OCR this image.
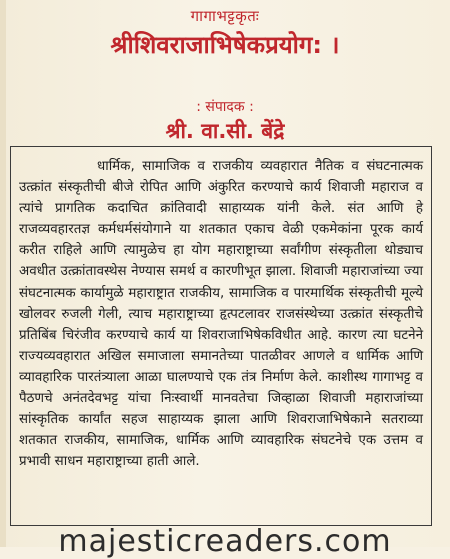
गागाभट्टकृतः
श्रीशिवराजाभिषेकप्रयोग: ।
: संपादक :
श्री. वा.सी. बेंद्रे

धार्मिक, सामाजिक व राजकीय व्यवहारात नैतिक व संघटनात्मक उत्क्रांत संस्कृतीची बीजे रोपित आणि अंकुरित करण्याचे कार्य शिवाजी महाराज व त्यांचे प्रागतिक कदाचित क्रांतिवादी साहाय्यक यांनी केले. संत आणि हे राजव्यवहारतज्ञ कर्मधर्मसंयोगाने या शतकात एकाच वेळी एकमेकांना पूरक कार्य करीत राहिले आणि त्यामुळेच हा योग महाराष्ट्राच्या सर्वांगीण संस्कृतीला थोड्याच अवधीत उत्क्रांतावस्थेस नेण्यास समर्थ व कारणीभूत झाला. शिवाजी महाराजांच्या ज्या संघटनात्मक कार्यामुळे महाराष्ट्रात राजकीय, सामाजिक व पारमार्थिक संस्कृतीची मूल्ये खोलवर रुजली गेली, त्याच महाराष्ट्राच्या हृत्पटलावर राजसंस्थेच्या उत्क्रांत संस्कृतीचे प्रतिबिंब चिरंजीव करण्याचे कार्य या शिवराजाभिषेकविधीत आहे. कारण त्या घटनेने राज्यव्यवहारात अखिल समाजाला समानतेच्या पातळीवर आणले व धार्मिक आणि व्यावहारिक पारतंत्र्याला आळा घालण्याचे एक तंत्र निर्माण केले. काशीस्थ गागाभट्ट व पैठणचे अनंतदेवभट्ट यांचा निःस्वार्थी मानवतेचा जिव्हाळा शिवाजी महाराजांच्या सांस्कृतिक कार्यांत सहज साहाय्यक झाला आणि शिवराजाभिषेकाने सतराव्या शतकात राजकीय, सामाजिक, धार्मिक आणि व्यावहारिक संघटनेचे एक उत्तम व प्रभावी साधन महाराष्ट्राच्या हाती आले.

majesticreaders.com
